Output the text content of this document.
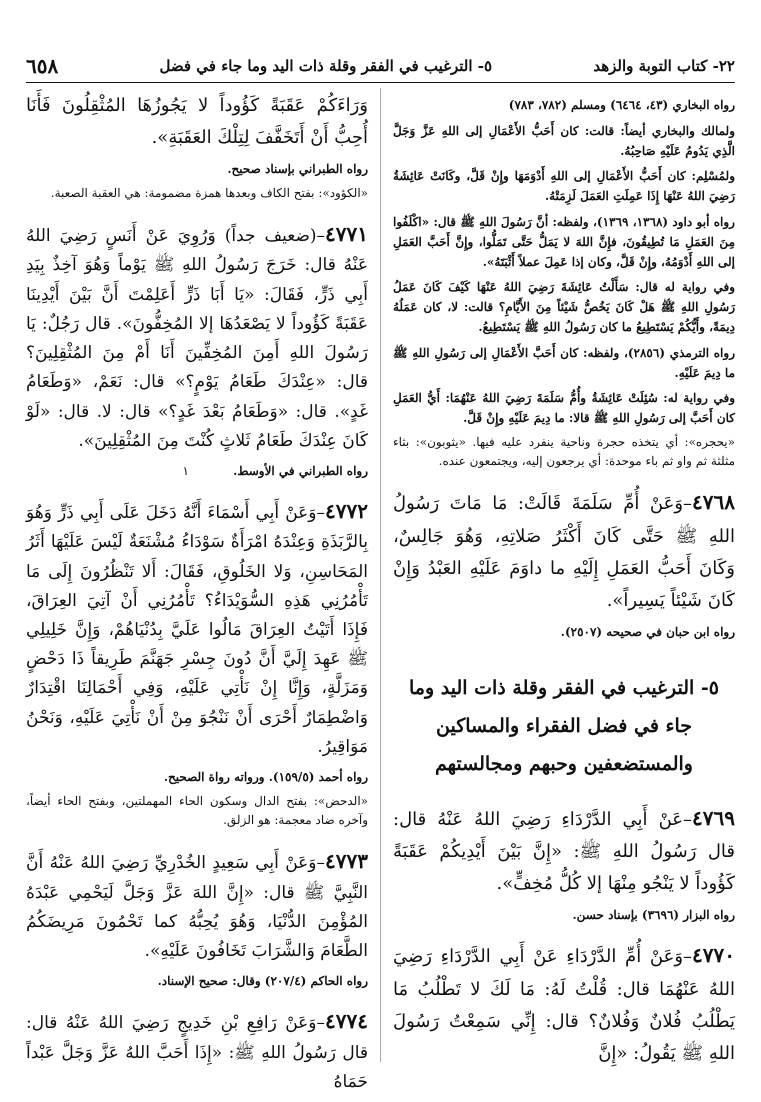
٢٢- كتاب التوبة والزهد
٥- الترغيب في الفقر وقلة ذات اليد وما جاء في فضل
٦٥٨
رواه البخاري (٤٣، ٦٤٦٤) ومسلم (٧٨٢، ٧٨٣)
ولمالك والبخاري أيضاً: قالت: كان أَحَبُّ الأَعْمَالِ إلى اللهِ عَزَّ وَجَلَّ الَّذِي يَدُومُ عَلَيْهِ صَاحِبُهُ.
ولمُسْلِم: كان أَحَبُّ الأَعْمَالِ إلى اللهِ أَدْوَمَهَا وإِنْ قَلَّ، وكَانَتْ عَائِشَةُ رَضِيَ اللهُ عَنْهَا إِذَا عَمِلَتِ العَمَلَ لَزِمَتْهُ.
رواه أبو داود (١٣٦٨، ١٣٦٩)، ولفظه: أنَّ رَسُولَ اللهِ ﷺ قال: «اكْلَفُوا مِنَ العَمَلِ مَا تُطِيقُونَ، فإِنَّ اللهَ لا يَمَلُّ حَتَّى تَمَلُّوا، وإِنَّ أَحَبَّ العَمَلِ إلى اللهِ أَدْوَمُهُ، وإِنْ قَلَّ، وكان إذا عَمِلَ عملاً أَثْبَتَهُ».
وفي رواية له قال: سَأَلْتُ عَائِشَةَ رَضِيَ اللهُ عَنْهَا كَيْفَ كَانَ عَمَلُ رَسُولِ اللهِ ﷺ هَلْ كَانَ يَخُصُّ شَيْئاً مِنَ الأَيَّامِ؟ قالت: لا، كان عَمَلُهُ دِيمَةً، وأَيُّكُمْ يَسْتَطِيعُ ما كان رَسُولُ اللهِ ﷺ يَسْتَطِيعُ.
رواه الترمذي (٢٨٥٦)، ولفظه: كان أَحَبَّ الأَعْمَالِ إلى رَسُولِ اللهِ ﷺ ما دِيمَ عَلَيْهِ.
وفي رواية له: سُئِلَتْ عَائِشَةُ وأُمُّ سَلَمَةَ رَضِيَ اللهُ عَنْهُمَا: أَيُّ العَمَلِ كان أَحَبَّ إلى رَسُولِ اللهِ ﷺ قالا: ما دِيمَ عَلَيْهِ وإِنْ قَلَّ.
«يحجره»: أي يتخذه حجرة وناحية ينفرد عليه فيها. «يثوبون»: بثاء مثلثة ثم واو ثم باء موحدة: أي يرجعون إليه، ويجتمعون عنده.

٤٧٦٨–وَعَنْ أُمِّ سَلَمَةَ قَالَتْ: مَا مَاتَ رَسُولُ اللهِ ﷺ حَتَّى كَانَ أَكْثَرُ صَلاتِهِ، وَهُوَ جَالِسٌ، وَكَانَ أَحَبُّ العَمَلِ إِلَيْهِ ما داوَمَ عَلَيْهِ العَبْدُ وَإِنْ كَانَ شَيْئاً يَسِيراً».

رواه ابن حبان في صحيحه (٢٥٠٧).
٥- الترغيب في الفقر وقلة ذات اليد وما جاء في فضل الفقراء والمساكين والمستضعفين وحبهم ومجالستهم

٤٧٦٩–عَنْ أَبِي الدَّرْدَاءِ رَضِيَ اللهُ عَنْهُ قال: قال رَسُولُ اللهِ ﷺ: «إِنَّ بَيْنَ أَيْدِيكُمْ عَقَبَةً كَؤُوداً لا يَنْجُو مِنْهَا إلا كُلُّ مُخِفٍّ».

رواه البزار (٣٦٩٦) بإسناد حسن.

٤٧٧٠–وَعَنْ أُمِّ الدَّرْدَاءِ عَنْ أَبِي الدَّرْدَاءِ رَضِيَ اللهُ عَنْهُمَا قال: قُلْتُ لَهُ: مَا لَكَ لا تَطْلُبُ مَا يَطْلُبُ فُلانٌ وَفُلانٌ؟ قال: إِنِّي سَمِعْتُ رَسُولَ اللهِ ﷺ يَقُولُ: «إِنَّ

وَرَاءَكُمْ عَقَبَةً كَؤُوداً لا يَجُوزُهَا المُثْقِلُونَ فَأَنَا أُحِبُّ أَنْ أَتَخَفَّفَ لِتِلْكَ العَقَبَةِ».

رواه الطبراني بإسناد صحيح.
«الكؤود»: بفتح الكاف وبعدها همزة مضمومة: هي العقبة الصعبة.

٤٧٧١–(ضعيف جداً) وَرُوِيَ عَنْ أَنَسٍ رَضِيَ اللهُ عَنْهُ قال: خَرَجَ رَسُولُ اللهِ ﷺ يَوْماً وَهُوَ آخِذٌ بِيَدِ أَبِي ذَرٍّ، فَقَالَ: «يَا أَبَا ذَرٍّ أَعَلِمْتَ أَنَّ بَيْنَ أَيْدِينَا عَقَبَةً كَؤُوداً لا يَصْعَدُهَا إلا المُخِفُّونَ». قال رَجُلٌ: يَا رَسُولَ اللهِ أَمِنَ المُخِفِّينَ أَنَا أَمْ مِنَ المُثْقِلِينَ؟ قال: «عِنْدَكَ طَعَامُ يَوْمٍ؟» قال: نَعَمْ، «وَطَعَامُ غَدٍ». قال: «وَطَعَامُ بَعْدَ غَدٍ؟» قال: لا. قال: «لَوْ كَانَ عِنْدَكَ طَعَامُ ثَلاثٍ كُنْتَ مِنَ المُثْقِلِينَ».

رواه الطبراني في الأوسط. ١

٤٧٧٢–وَعَنْ أَبِي أَسْمَاءَ أَنَّهُ دَخَلَ عَلَى أَبِي ذَرٍّ وَهُوَ بِالرَّبَذَةِ وَعِنْدَهُ امْرَأَةٌ سَوْدَاءُ مُشْنَعَةٌ لَيْسَ عَلَيْهَا أَثَرُ المَحَاسِنِ، وَلا الخَلُوقِ، فَقَالَ: أَلا تَنْظُرُونَ إِلَى مَا تَأْمُرُنِي هَذِهِ السُّوَيْدَاءُ؟ تَأْمُرُنِي أَنْ آتِيَ العِرَاقَ، فَإِذَا أَتَيْتُ العِرَاقَ مَالُوا عَلَيَّ بِدُنْيَاهُمْ، وَإِنَّ خَلِيلِي ﷺ عَهِدَ إِلَيَّ أَنَّ دُونَ جِسْرِ جَهَنَّمَ طَرِيقاً ذَا دَحْضٍ وَمَزَلَّةٍ، وَإِنَّا إِنْ نَأْتِي عَلَيْهِ، وَفِي أَحْمَالِنَا اقْتِدَارٌ وَاضْطِمَارٌ أَحْرَى أَنْ نَنْجُوَ مِنْ أَنْ نَأْتِيَ عَلَيْهِ، وَنَحْنُ مَوَاقِيرُ.

رواه أحمد (١٥٩/٥). ورواته رواة الصحيح.
«الدحض»: بفتح الدال وسكون الحاء المهملتين، وبفتح الحاء أيضاً، وآخره ضاد معجمة: هو الزلق.

٤٧٧٣–وَعَنْ أَبِي سَعِيدٍ الخُدْرِيِّ رَضِيَ اللهُ عَنْهُ أَنَّ النَّبِيَّ ﷺ قال: «إِنَّ اللهَ عَزَّ وَجَلَّ لَيَحْمِي عَبْدَهُ المُؤْمِنَ الدُّنْيَا، وَهُوَ يُحِبُّهُ كما تَحْمُونَ مَرِيضَكُمُ الطَّعَامَ وَالشَّرَابَ تَخَافُونَ عَلَيْهِ».

رواه الحاكم (٢٠٧/٤) وقال: صحيح الإسناد.

٤٧٧٤–وَعَنْ رَافِعِ بْنِ خَدِيجٍ رَضِيَ اللهُ عَنْهُ قال: قال رَسُولُ اللهِ ﷺ: «إِذَا أَحَبَّ اللهُ عَزَّ وَجَلَّ عَبْداً حَمَاهُ
